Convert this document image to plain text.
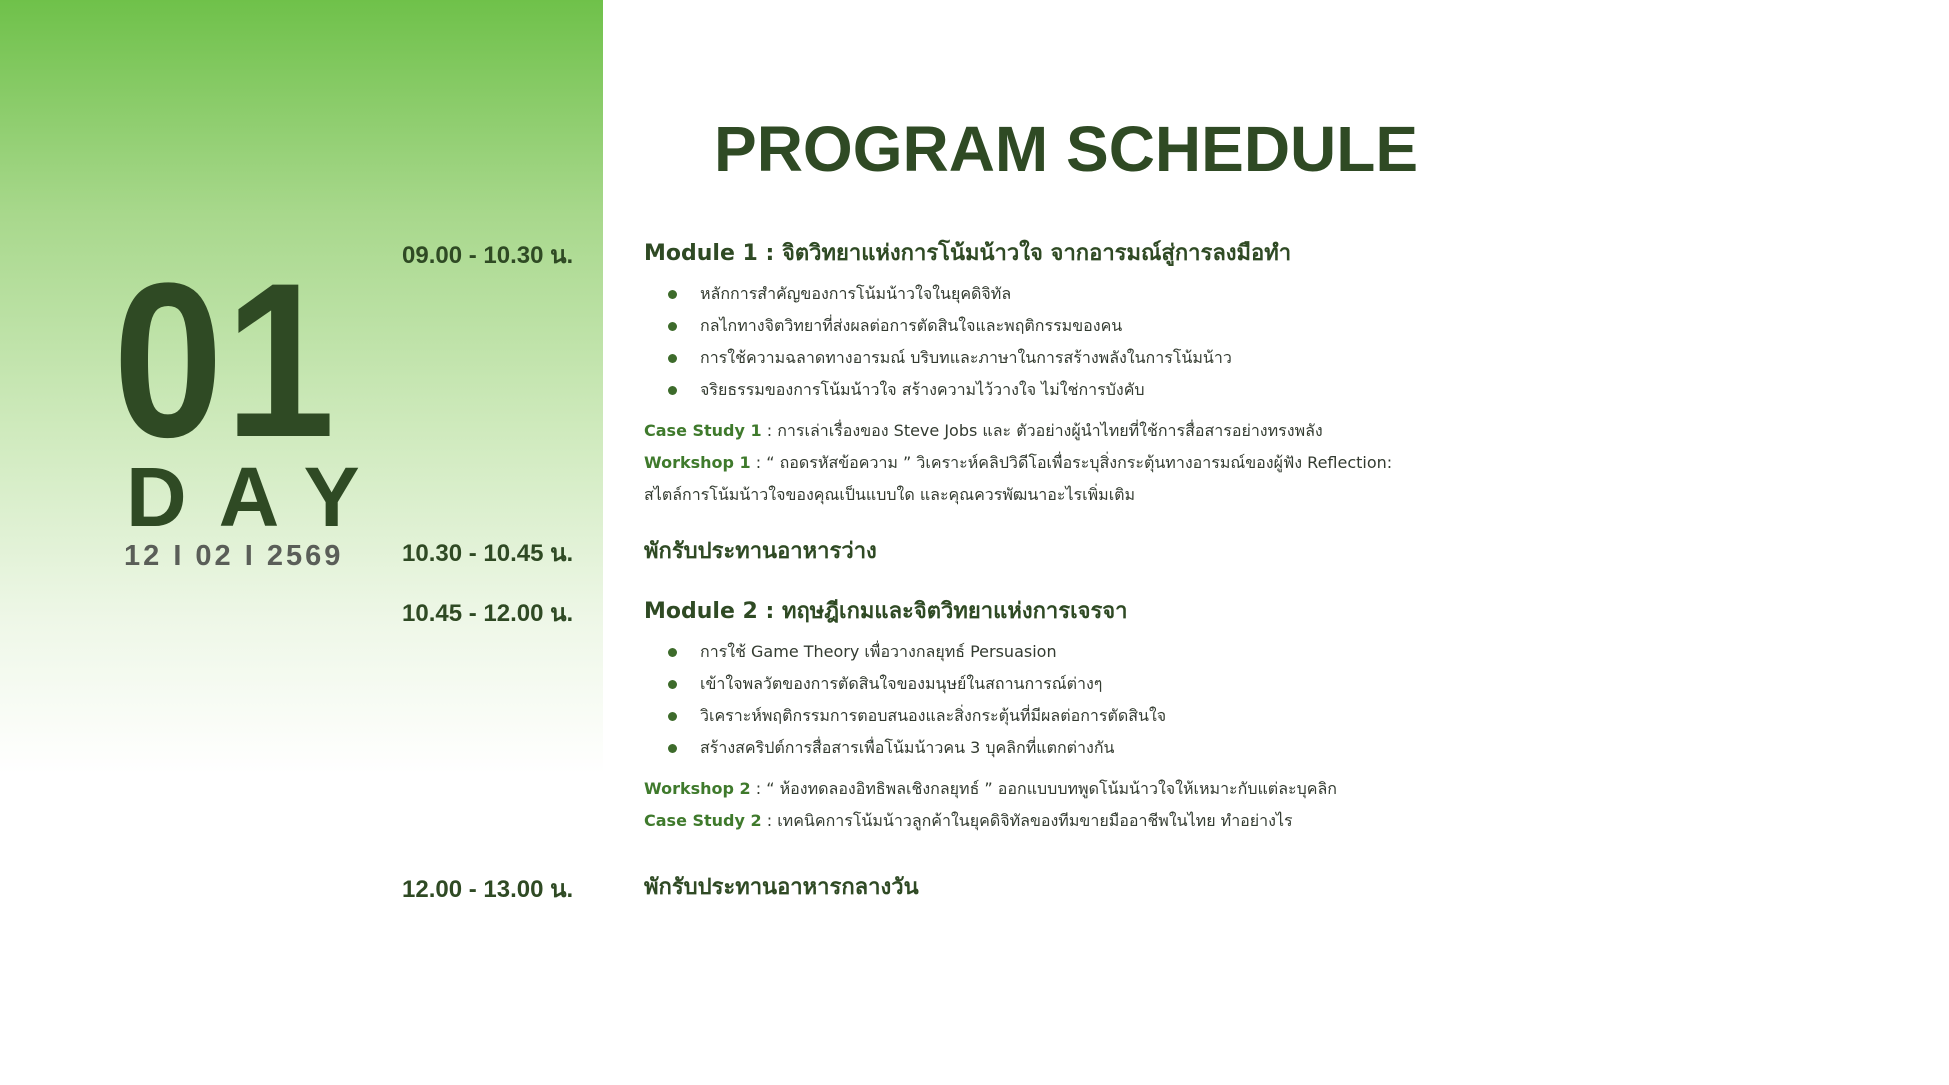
01
DAY
12 I 02 I 2569
PROGRAM SCHEDULE
09.00 - 10.30 น.	Module 1 : จิตวิทยาแห่งการโน้มน้าวใจ จากอารมณ์สู่การลงมือทำ
หลักการสำคัญของการโน้มน้าวใจในยุคดิจิทัล
กลไกทางจิตวิทยาที่ส่งผลต่อการตัดสินใจและพฤติกรรมของคน
การใช้ความฉลาดทางอารมณ์ บริบทและภาษาในการสร้างพลังในการโน้มน้าว
จริยธรรมของการโน้มน้าวใจ สร้างความไว้วางใจ ไม่ใช่การบังคับ
Case Study 1 : การเล่าเรื่องของ Steve Jobs และ ตัวอย่างผู้นำไทยที่ใช้การสื่อสารอย่างทรงพลัง
Workshop 1 : “ ถอดรหัสข้อความ ” วิเคราะห์คลิปวิดีโอเพื่อระบุสิ่งกระตุ้นทางอารมณ์ของผู้ฟัง Reflection:
สไตล์การโน้มน้าวใจของคุณเป็นแบบใด และคุณควรพัฒนาอะไรเพิ่มเติม
10.30 - 10.45 น.	พักรับประทานอาหารว่าง
10.45 - 12.00 น.	Module 2 : ทฤษฎีเกมและจิตวิทยาแห่งการเจรจา
การใช้ Game Theory เพื่อวางกลยุทธ์ Persuasion
เข้าใจพลวัตของการตัดสินใจของมนุษย์ในสถานการณ์ต่างๆ
วิเคราะห์พฤติกรรมการตอบสนองและสิ่งกระตุ้นที่มีผลต่อการตัดสินใจ
สร้างสคริปต์การสื่อสารเพื่อโน้มน้าวคน 3 บุคลิกที่แตกต่างกัน
Workshop 2 : “ ห้องทดลองอิทธิพลเชิงกลยุทธ์ ” ออกแบบบทพูดโน้มน้าวใจให้เหมาะกับแต่ละบุคลิก
Case Study 2 : เทคนิคการโน้มน้าวลูกค้าในยุคดิจิทัลของทีมขายมืออาชีพในไทย ทำอย่างไร
12.00 - 13.00 น.	พักรับประทานอาหารกลางวัน
